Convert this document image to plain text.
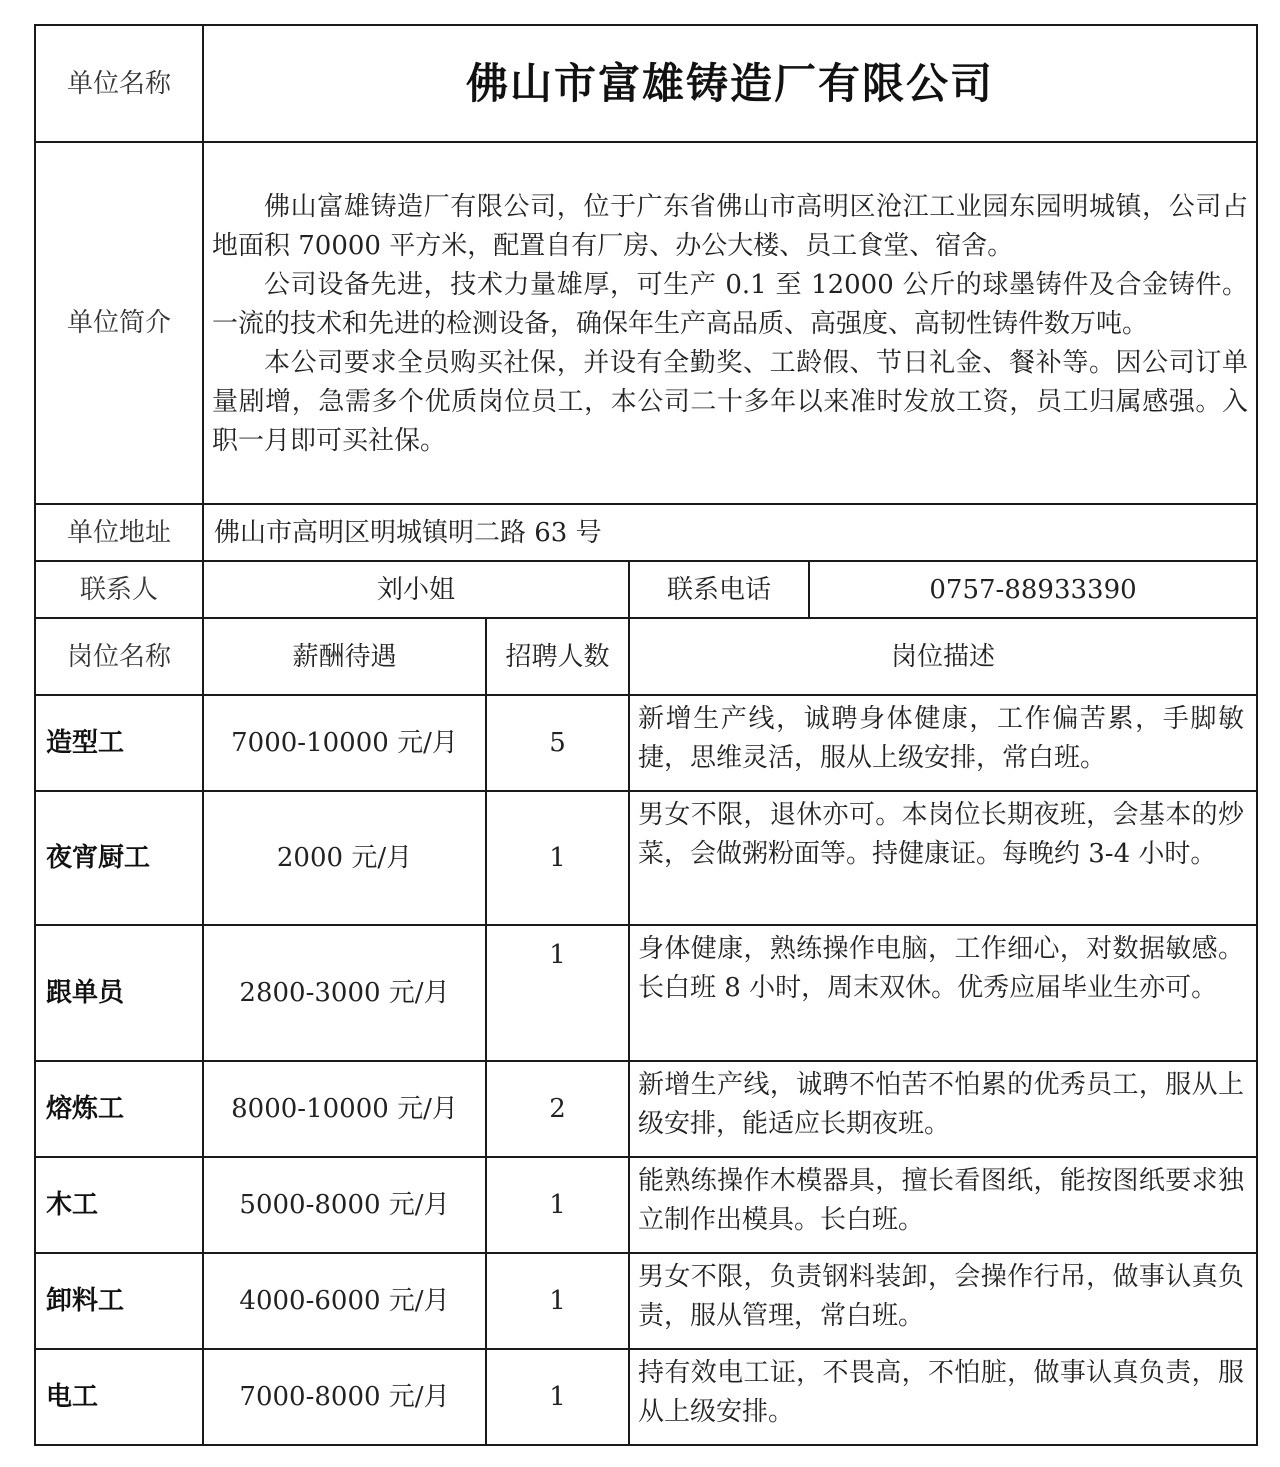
单位名称	佛山市富雄铸造厂有限公司			
单位简介	佛山富雄铸造厂有限公司，位于广东省佛山市高明区沧江工业园东园明城镇，公司占地面积 70000 平方米，配置自有厂房、办公大楼、员工食堂、宿舍。

公司设备先进，技术力量雄厚，可生产 0.1 至 12000 公斤的球墨铸件及合金铸件。一流的技术和先进的检测设备，确保年生产高品质、高强度、高韧性铸件数万吨。

本公司要求全员购买社保，并设有全勤奖、工龄假、节日礼金、餐补等。因公司订单量剧增，急需多个优质岗位员工，本公司二十多年以来准时发放工资，员工归属感强。入职一月即可买社保。			

单位地址	佛山市高明区明城镇明二路 63 号			
联系人	刘小姐		联系电话	0757-88933390
岗位名称	薪酬待遇	招聘人数	岗位描述	
造型工	7000-10000 元/月	5	新增生产线，诚聘身体健康，工作偏苦累，手脚敏捷，思维灵活，服从上级安排，常白班。	
夜宵厨工	2000 元/月	1	男女不限，退休亦可。本岗位长期夜班，会基本的炒菜，会做粥粉面等。持健康证。每晚约 3-4 小时。	
跟单员	2800-3000 元/月	1	身体健康，熟练操作电脑，工作细心，对数据敏感。长白班 8 小时，周末双休。优秀应届毕业生亦可。	
熔炼工	8000-10000 元/月	2	新增生产线，诚聘不怕苦不怕累的优秀员工，服从上级安排，能适应长期夜班。	
木工	5000-8000 元/月	1	能熟练操作木模器具，擅长看图纸，能按图纸要求独立制作出模具。长白班。	
卸料工	4000-6000 元/月	1	男女不限，负责钢料装卸，会操作行吊，做事认真负责，服从管理，常白班。	
电工	7000-8000 元/月	1	持有效电工证，不畏高，不怕脏，做事认真负责，服从上级安排。	
